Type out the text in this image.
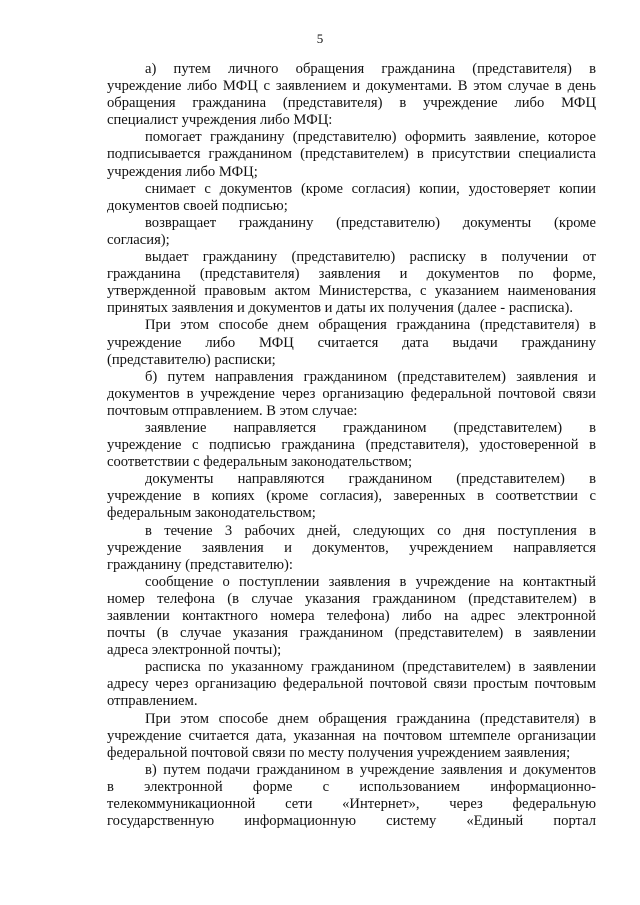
5
а) путем личного обращения гражданина (представителя) в
учреждение либо МФЦ с заявлением и документами. В этом случае в день
обращения гражданина (представителя) в учреждение либо МФЦ
специалист учреждения либо МФЦ:
помогает гражданину (представителю) оформить заявление, которое
подписывается гражданином (представителем) в присутствии специалиста
учреждения либо МФЦ;
снимает с документов (кроме согласия) копии, удостоверяет копии
документов своей подписью;
возвращает гражданину (представителю) документы (кроме
согласия);
выдает гражданину (представителю) расписку в получении от
гражданина (представителя) заявления и документов по форме,
утвержденной правовым актом Министерства, с указанием наименования
принятых заявления и документов и даты их получения (далее - расписка).
При этом способе днем обращения гражданина (представителя) в
учреждение либо МФЦ считается дата выдачи гражданину
(представителю) расписки;
б) путем направления гражданином (представителем) заявления и
документов в учреждение через организацию федеральной почтовой связи
почтовым отправлением. В этом случае:
заявление направляется гражданином (представителем) в
учреждение с подписью гражданина (представителя), удостоверенной в
соответствии с федеральным законодательством;
документы направляются гражданином (представителем) в
учреждение в копиях (кроме согласия), заверенных в соответствии с
федеральным законодательством;
в течение 3 рабочих дней, следующих со дня поступления в
учреждение заявления и документов, учреждением направляется
гражданину (представителю):
сообщение о поступлении заявления в учреждение на контактный
номер телефона (в случае указания гражданином (представителем) в
заявлении контактного номера телефона) либо на адрес электронной
почты (в случае указания гражданином (представителем) в заявлении
адреса электронной почты);
расписка по указанному гражданином (представителем) в заявлении
адресу через организацию федеральной почтовой связи простым почтовым
отправлением.
При этом способе днем обращения гражданина (представителя) в
учреждение считается дата, указанная на почтовом штемпеле организации
федеральной почтовой связи по месту получения учреждением заявления;
в) путем подачи гражданином в учреждение заявления и документов
в электронной форме с использованием информационно-
телекоммуникационной сети «Интернет», через федеральную
государственную информационную систему «Единый портал
